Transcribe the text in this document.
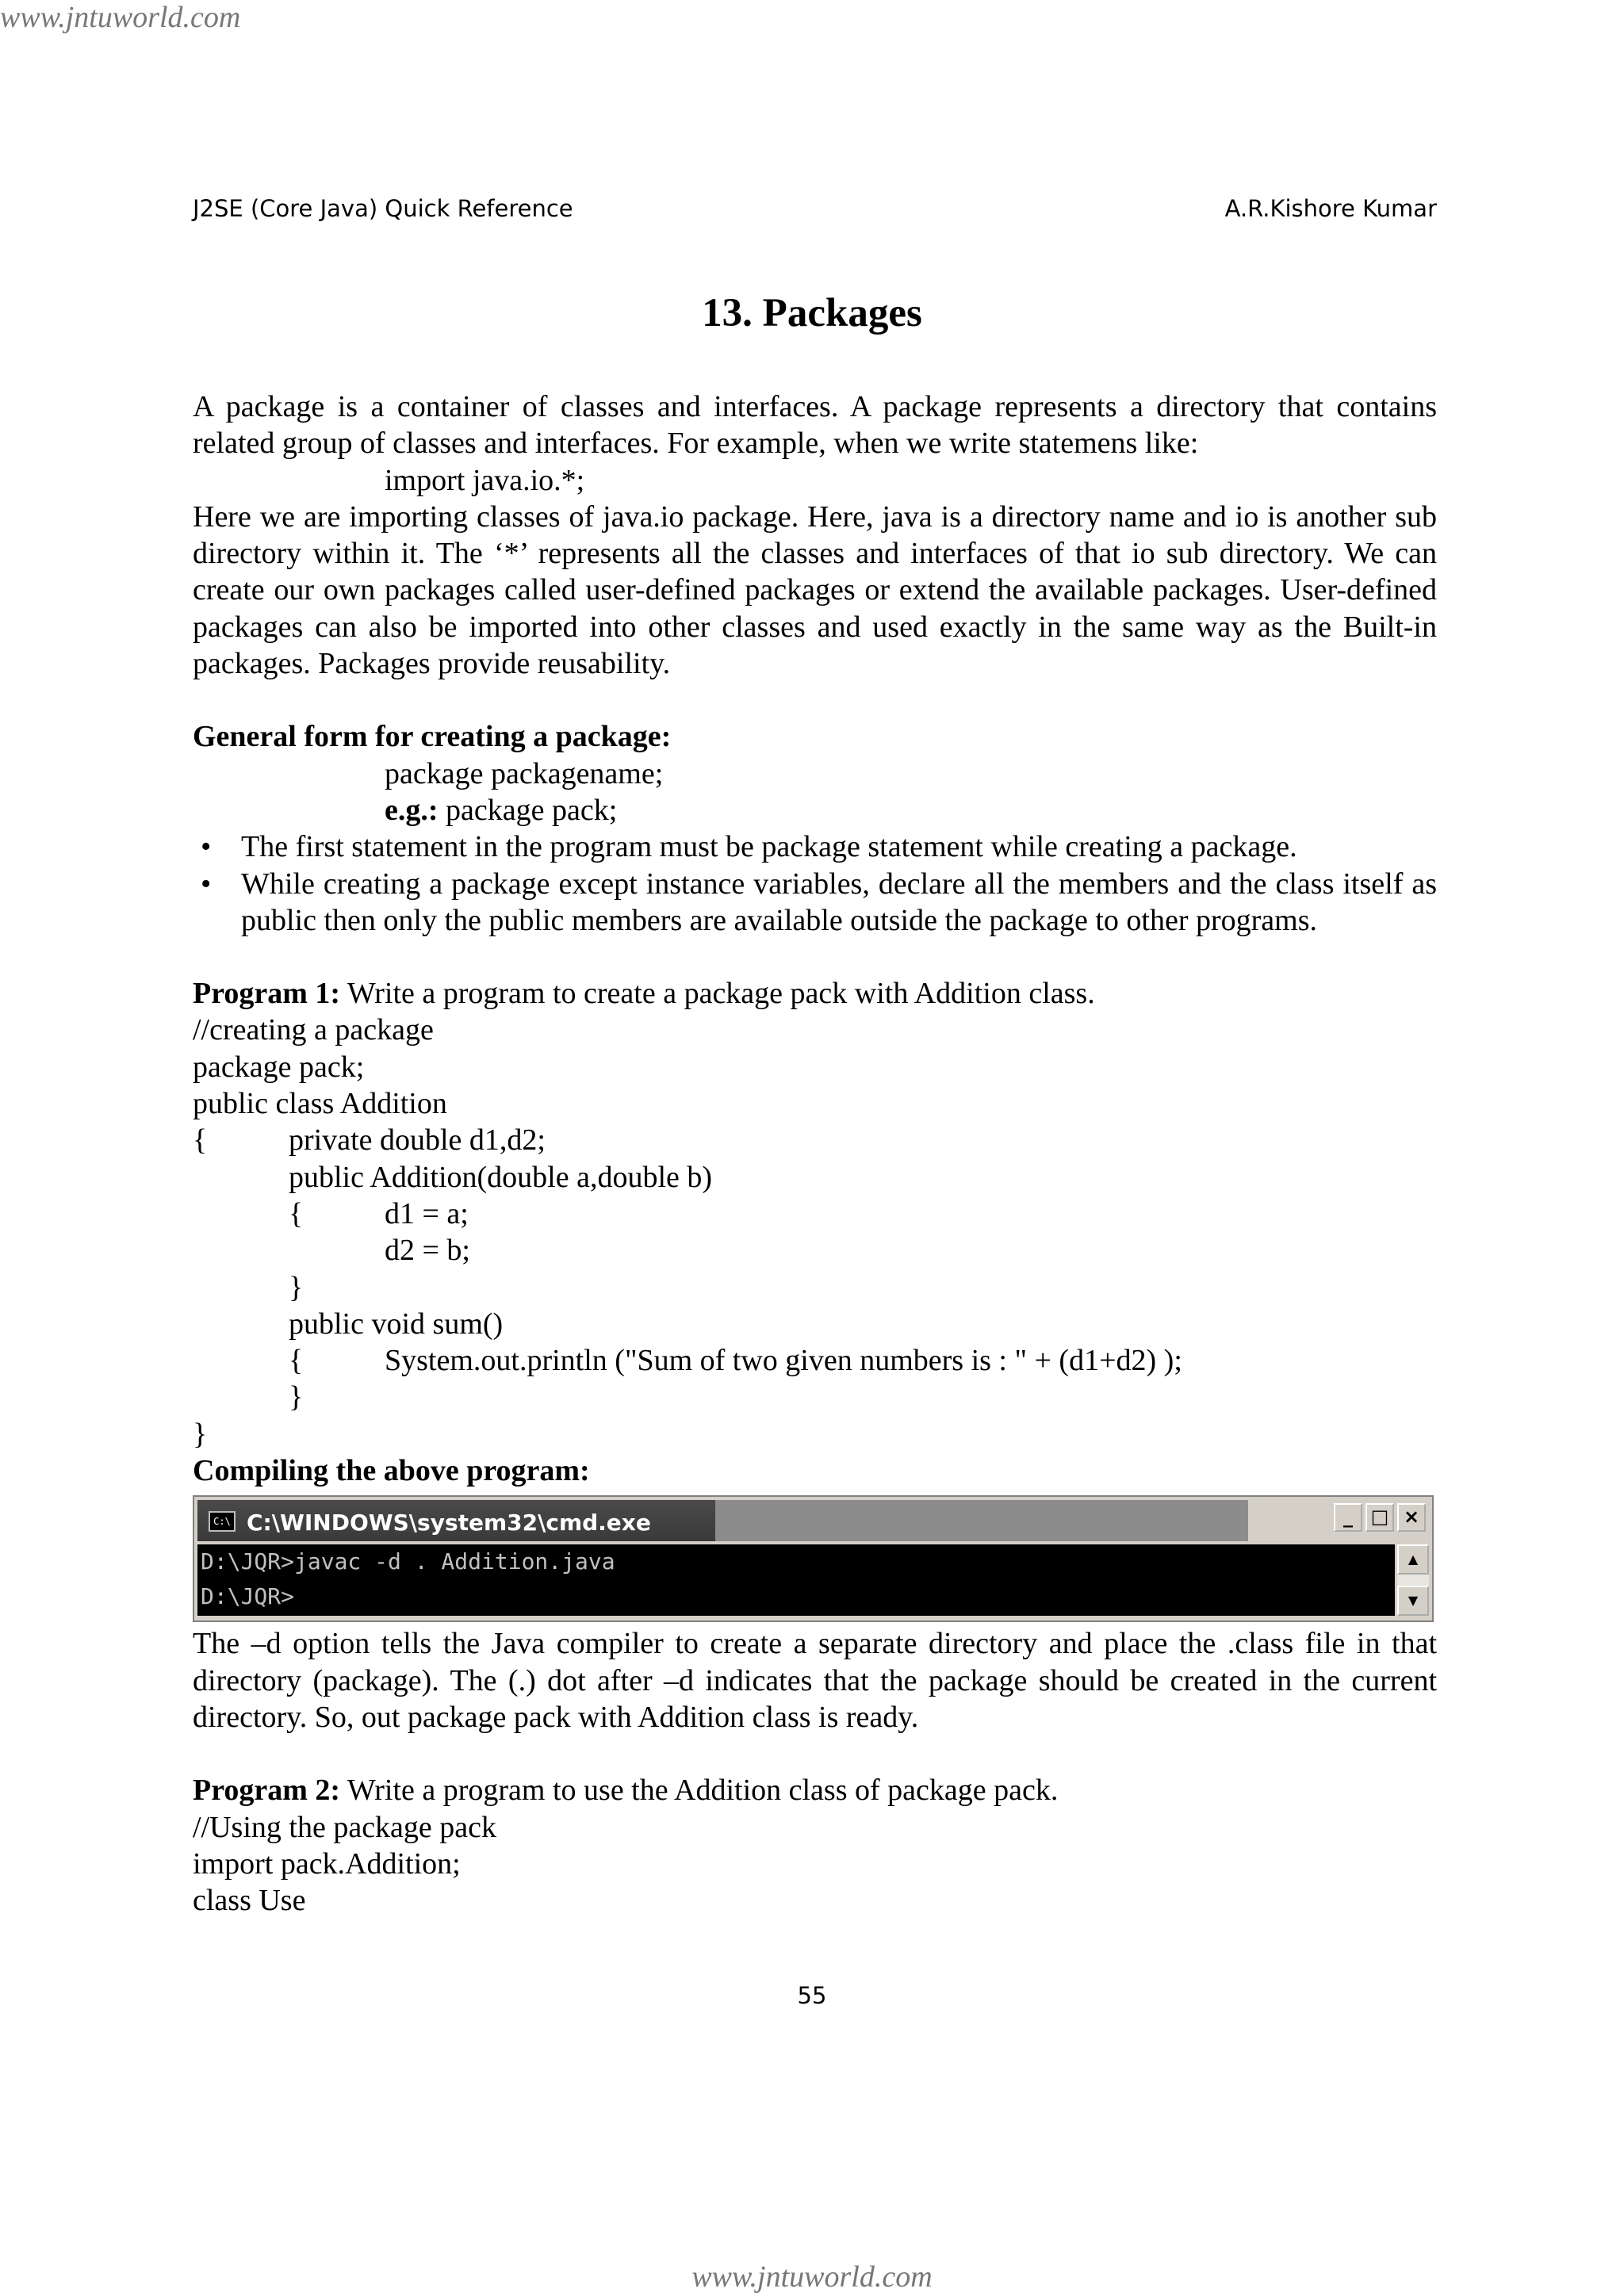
www.jntuworld.com
J2SE (Core Java) Quick Reference	A.R.Kishore Kumar
13. Packages

A package is a container of classes and interfaces. A package represents a directory that contains related group of classes and interfaces. For example, when we write statemens like:

import java.io.*;

Here we are importing classes of java.io package. Here, java is a directory name and io is another sub directory within it. The ‘*’ represents all the classes and interfaces of that io sub directory. We can create our own packages called user-defined packages or extend the available packages. User-defined packages can also be imported into other classes and used exactly in the same way as the Built-in packages. Packages provide reusability.

General form for creating a package:

package packagename;

e.g.: package pack;

• The first statement in the program must be package statement while creating a package.
• While creating a package except instance variables, declare all the members and the class itself as public then only the public members are available outside the package to other programs.

Program 1: Write a program to create a package pack with Addition class.

//creating a package

package pack;

public class Addition

{	private double d1,d2;

public Addition(double a,double b)

{	d1 = a;

d2 = b;

}

public void sum()

{	System.out.println ("Sum of two given numbers is : " + (d1+d2) );

}

}

Compiling the above program:

C:\ C:\WINDOWS\system32\cmd.exe	_ □ ×
D:\JQR>javac -d . Addition.java
D:\JQR>
▲
▼

The –d option tells the Java compiler to create a separate directory and place the .class file in that directory (package). The (.) dot after –d indicates that the package should be created in the current directory. So, out package pack with Addition class is ready.

Program 2: Write a program to use the Addition class of package pack.

//Using the package pack

import pack.Addition;

class Use

55
www.jntuworld.com
